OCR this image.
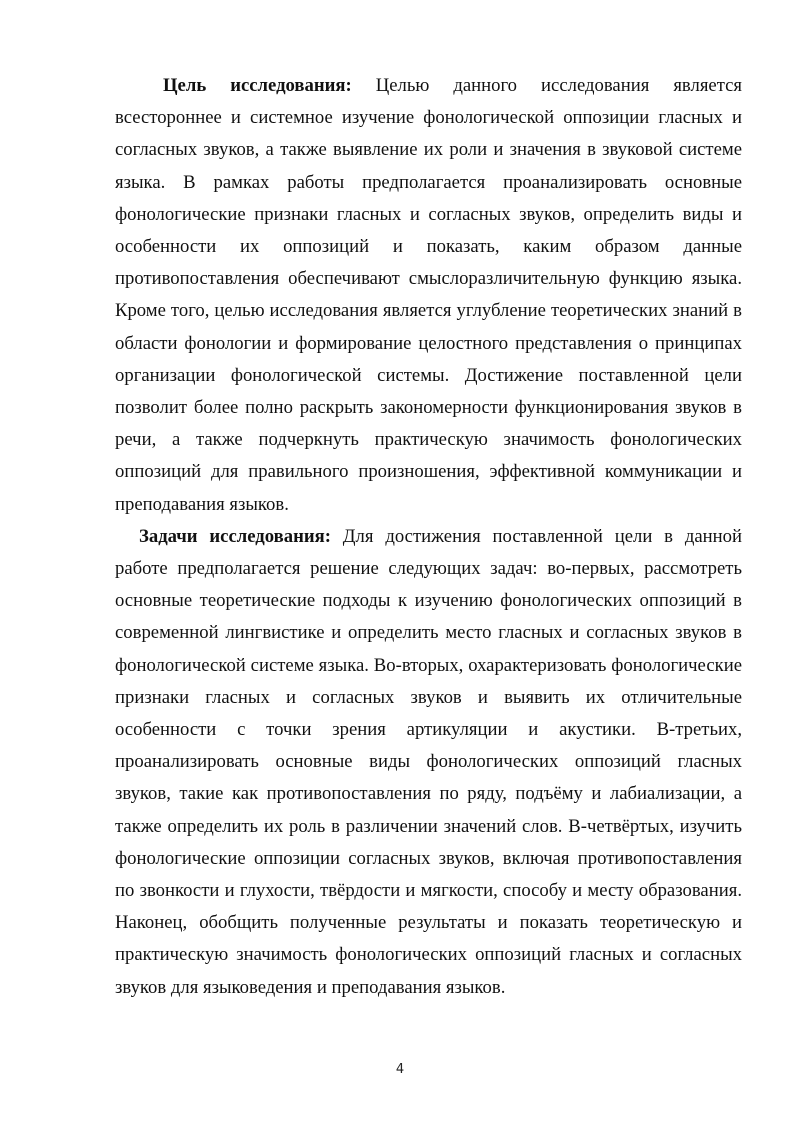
Цель исследования: Целью данного исследования является всестороннее и системное изучение фонологической оппозиции гласных и согласных звуков, а также выявление их роли и значения в звуковой системе языка. В рамках работы предполагается проанализировать основные фонологические признаки гласных и согласных звуков, определить виды и особенности их оппозиций и показать, каким образом данные противопоставления обеспечивают смыслоразличительную функцию языка. Кроме того, целью исследования является углубление теоретических знаний в области фонологии и формирование целостного представления о принципах организации фонологической системы. Достижение поставленной цели позволит более полно раскрыть закономерности функционирования звуков в речи, а также подчеркнуть практическую значимость фонологических оппозиций для правильного произношения, эффективной коммуникации и преподавания языков.

Задачи исследования: Для достижения поставленной цели в данной работе предполагается решение следующих задач: во-первых, рассмотреть основные теоретические подходы к изучению фонологических оппозиций в современной лингвистике и определить место гласных и согласных звуков в фонологической системе языка. Во-вторых, охарактеризовать фонологические признаки гласных и согласных звуков и выявить их отличительные особенности с точки зрения артикуляции и акустики. В-третьих, проанализировать основные виды фонологических оппозиций гласных звуков, такие как противопоставления по ряду, подъёму и лабиализации, а также определить их роль в различении значений слов. В-четвёртых, изучить фонологические оппозиции согласных звуков, включая противопоставления по звонкости и глухости, твёрдости и мягкости, способу и месту образования. Наконец, обобщить полученные результаты и показать теоретическую и практическую значимость фонологических оппозиций гласных и согласных звуков для языковедения и преподавания языков.

4
